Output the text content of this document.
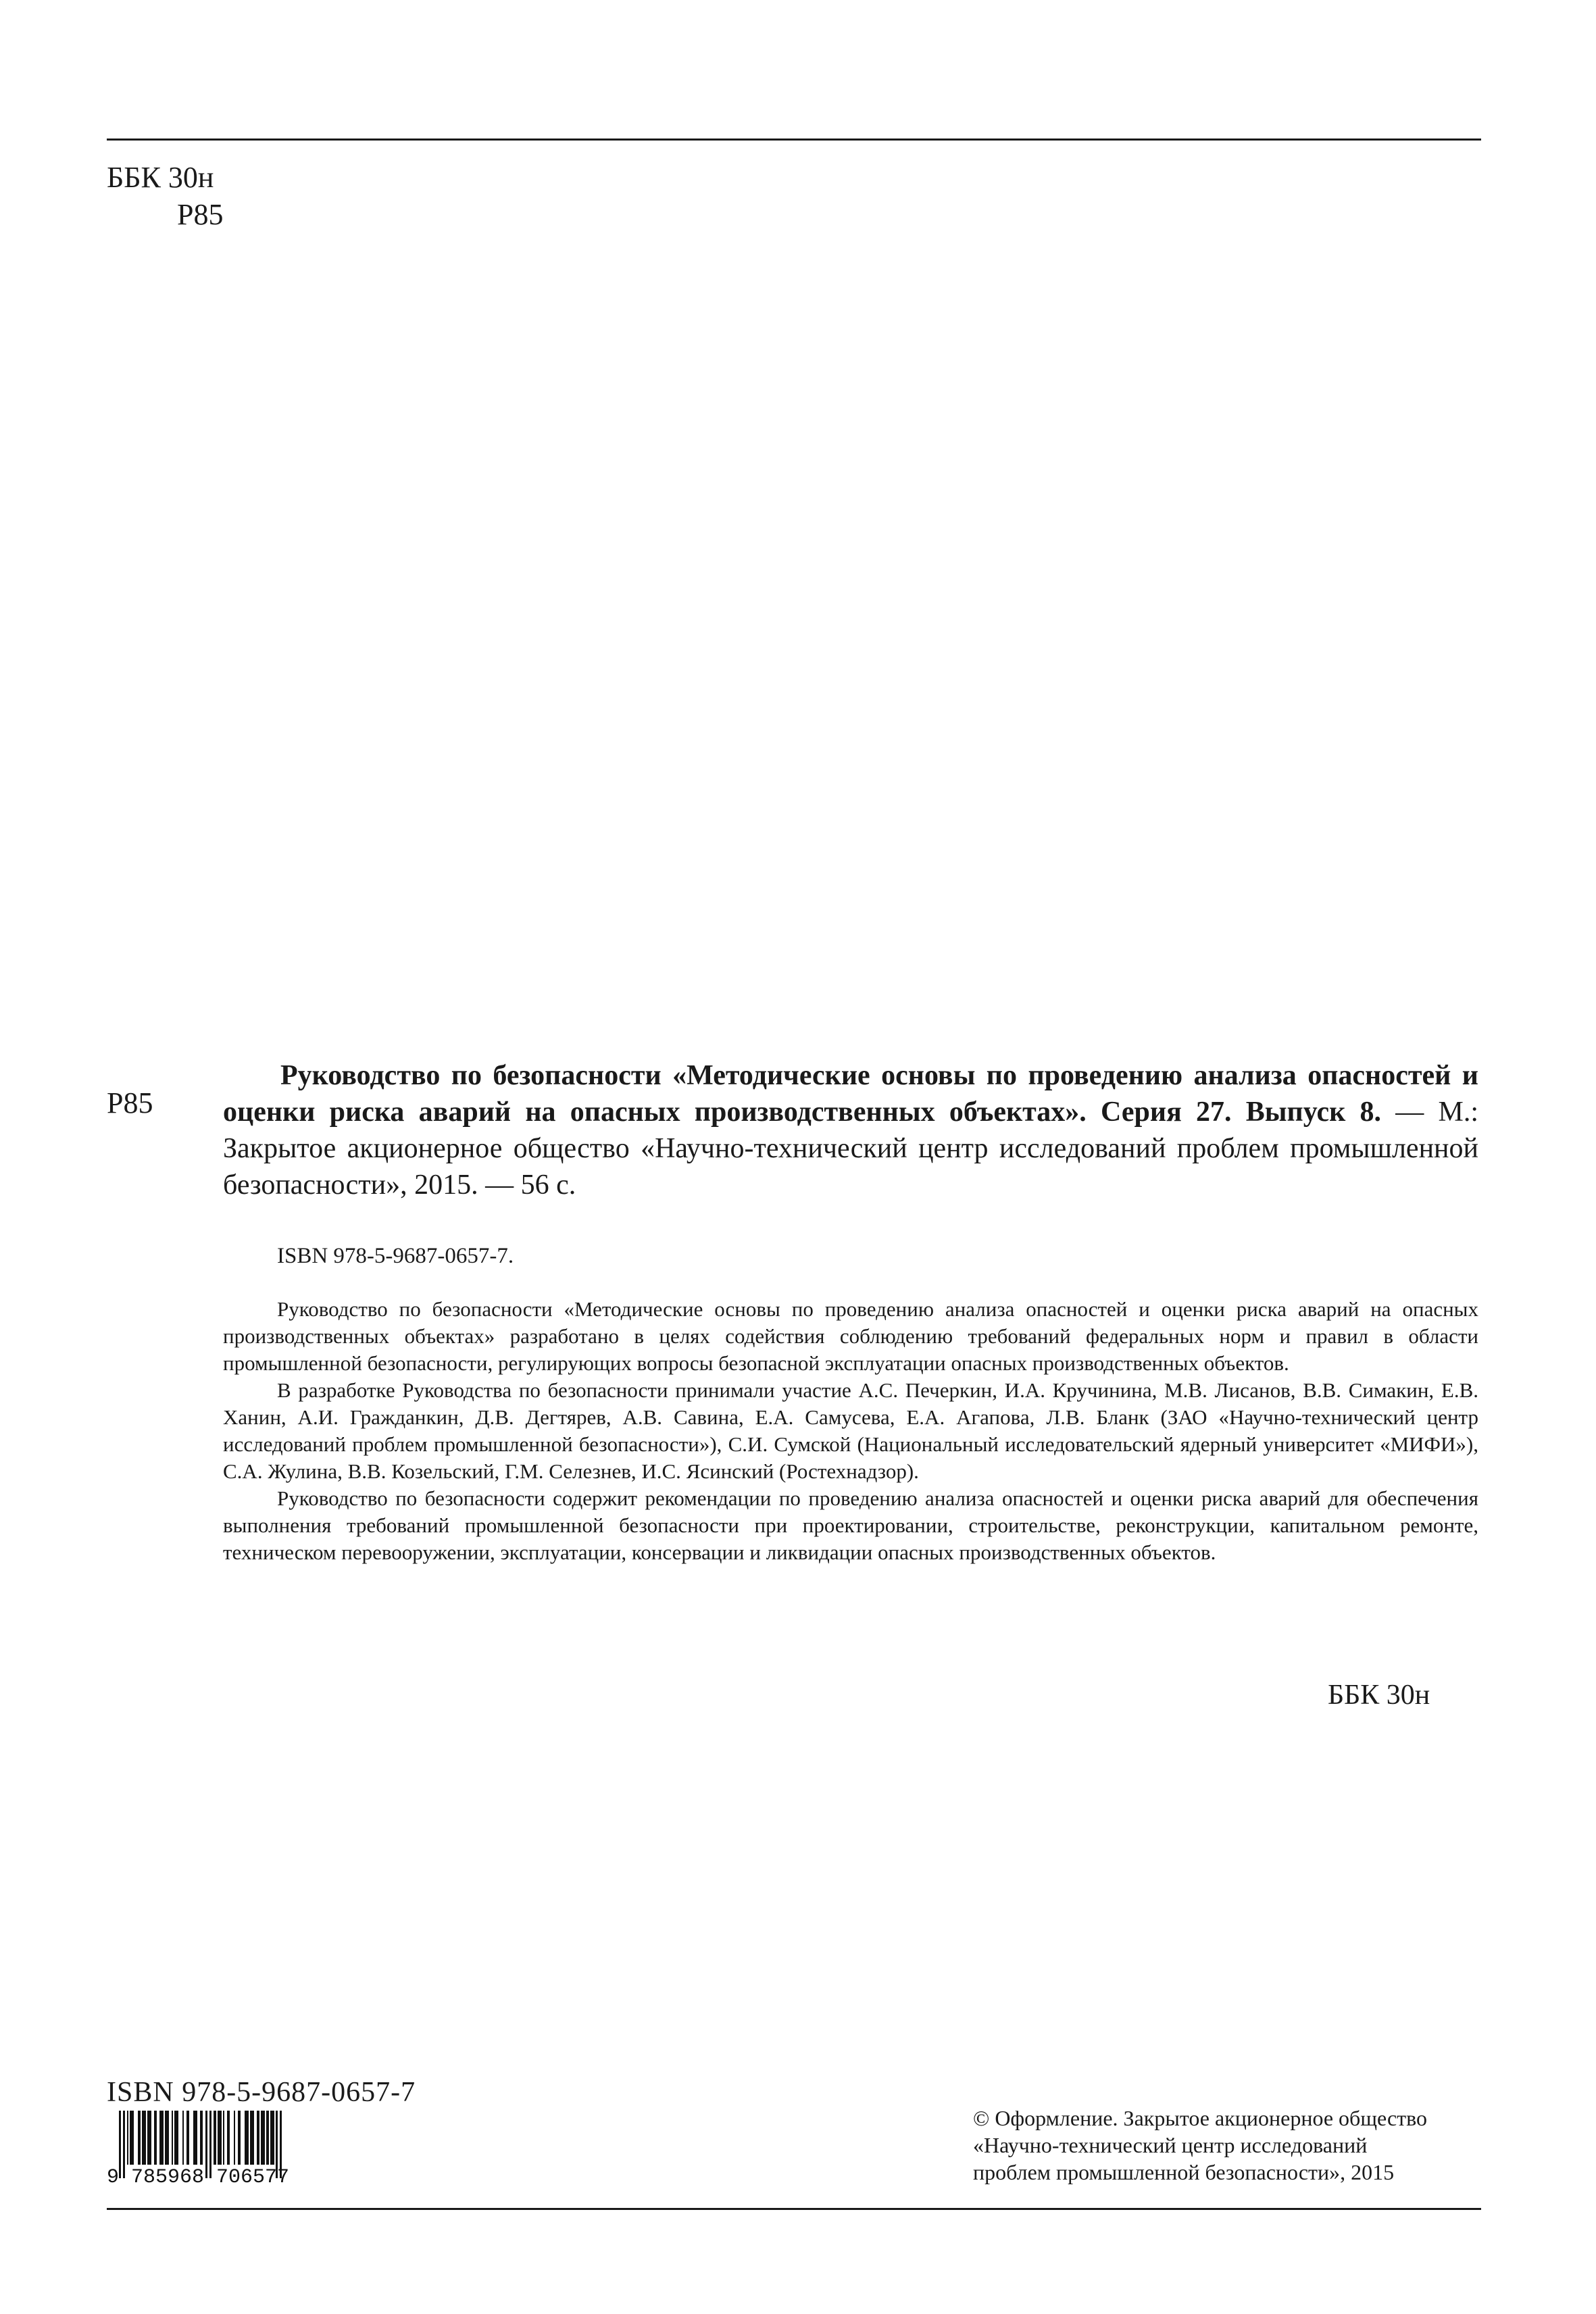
ББК 30н
Р85
Р85
Руководство по безопасности «Методические основы по проведению анализа опасностей и оценки риска аварий на опасных производственных объектах». Серия 27. Выпуск 8. — М.: Закрытое акционерное общество «Научно-технический центр исследований проблем промышленной безопасности», 2015. — 56 с.
ISBN 978-5-9687-0657-7.

Руководство по безопасности «Методические основы по проведению анализа опасностей и оценки риска аварий на опасных производственных объектах» разработано в целях содействия соблюдению требований федеральных норм и правил в области промышленной безопасности, регулирующих вопросы безопасной эксплуатации опасных производственных объектов.

В разработке Руководства по безопасности принимали участие А.С. Печеркин, И.А. Кручинина, М.В. Лисанов, В.В. Симакин, Е.В. Ханин, А.И. Гражданкин, Д.В. Дегтярев, А.В. Савина, Е.А. Самусева, Е.А. Агапова, Л.В. Бланк (ЗАО «Научно-технический центр исследований проблем промышленной безопасности»), С.И. Сумской (Национальный исследовательский ядерный университет «МИФИ»), С.А. Жулина, В.В. Козельский, Г.М. Селезнев, И.С. Ясинский (Ростехнадзор).

Руководство по безопасности содержит рекомендации по проведению анализа опасностей и оценки риска аварий для обеспечения выполнения требований промышленной безопасности при проектировании, строительстве, реконструкции, капитальном ремонте, техническом перевооружении, эксплуатации, консервации и ликвидации опасных производственных объектов.

ББК 30н
ISBN 978-5-9687-0657-7
9 785968 706577
© Оформление. Закрытое акционерное общество
«Научно-технический центр исследований
проблем промышленной безопасности», 2015
